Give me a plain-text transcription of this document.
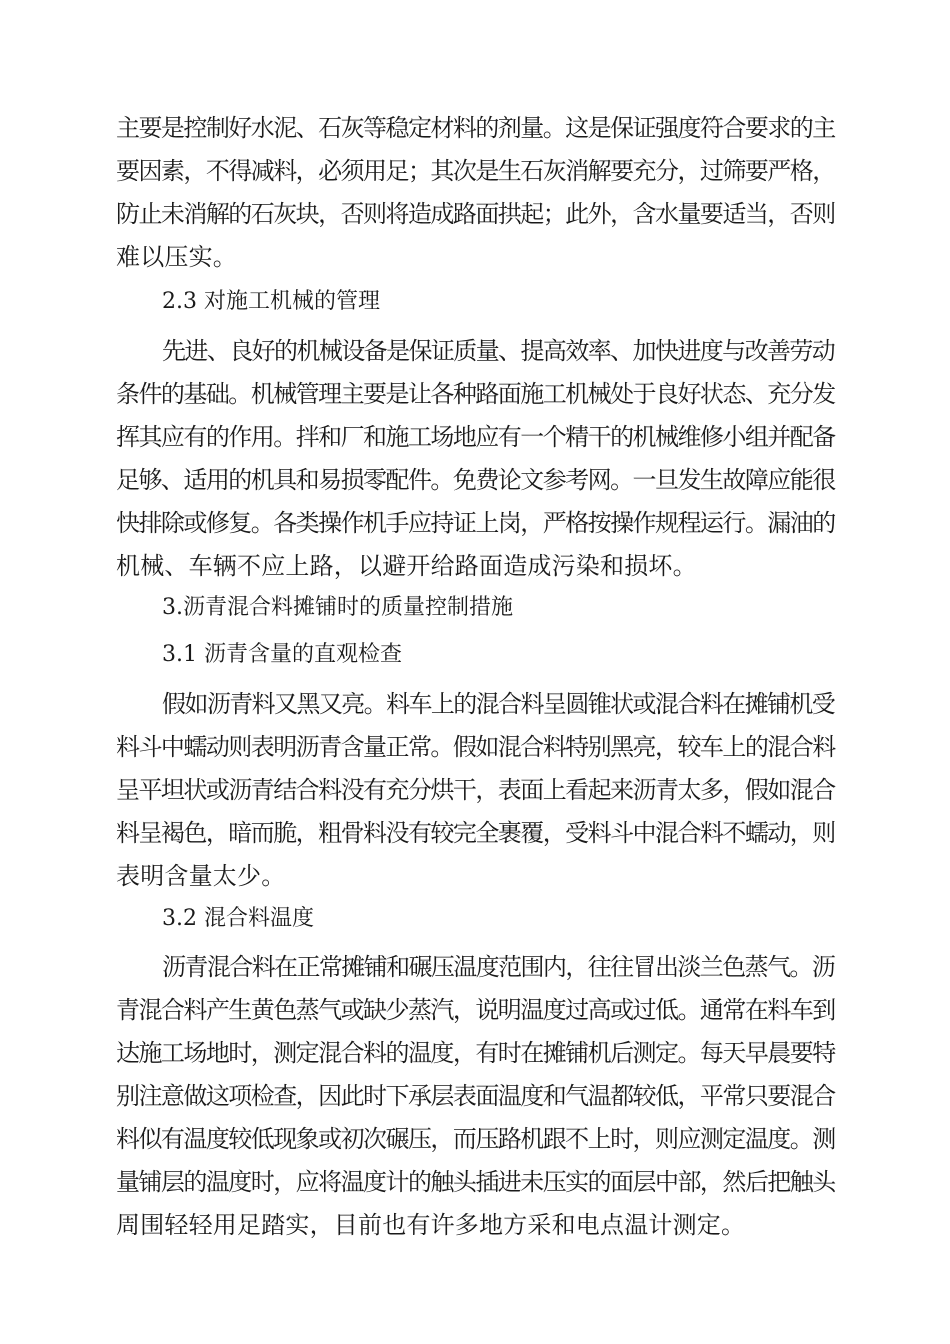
主要是控制好水泥、石灰等稳定材料的剂量。这是保证强度符合要求的主
要因素，不得减料，必须用足；其次是生石灰消解要充分，过筛要严格，
防止未消解的石灰块，否则将造成路面拱起；此外，含水量要适当，否则
难以压实。
2.3 对施工机械的管理
先进、良好的机械设备是保证质量、提高效率、加快进度与改善劳动
条件的基础。机械管理主要是让各种路面施工机械处于良好状态、充分发
挥其应有的作用。拌和厂和施工场地应有一个精干的机械维修小组并配备
足够、适用的机具和易损零配件。免费论文参考网。一旦发生故障应能很
快排除或修复。各类操作机手应持证上岗，严格按操作规程运行。漏油的
机械、车辆不应上路，以避开给路面造成污染和损坏。
3.沥青混合料摊铺时的质量控制措施
3.1 沥青含量的直观检查
假如沥青料又黑又亮。料车上的混合料呈圆锥状或混合料在摊铺机受
料斗中蠕动则表明沥青含量正常。假如混合料特别黑亮，较车上的混合料
呈平坦状或沥青结合料没有充分烘干，表面上看起来沥青太多，假如混合
料呈褐色，暗而脆，粗骨料没有较完全裹覆，受料斗中混合料不蠕动，则
表明含量太少。
3.2 混合料温度
沥青混合料在正常摊铺和碾压温度范围内，往往冒出淡兰色蒸气。沥
青混合料产生黄色蒸气或缺少蒸汽，说明温度过高或过低。通常在料车到
达施工场地时，测定混合料的温度，有时在摊铺机后测定。每天早晨要特
别注意做这项检查，因此时下承层表面温度和气温都较低，平常只要混合
料似有温度较低现象或初次碾压，而压路机跟不上时，则应测定温度。测
量铺层的温度时，应将温度计的触头插进未压实的面层中部，然后把触头
周围轻轻用足踏实，目前也有许多地方采和电点温计测定。
